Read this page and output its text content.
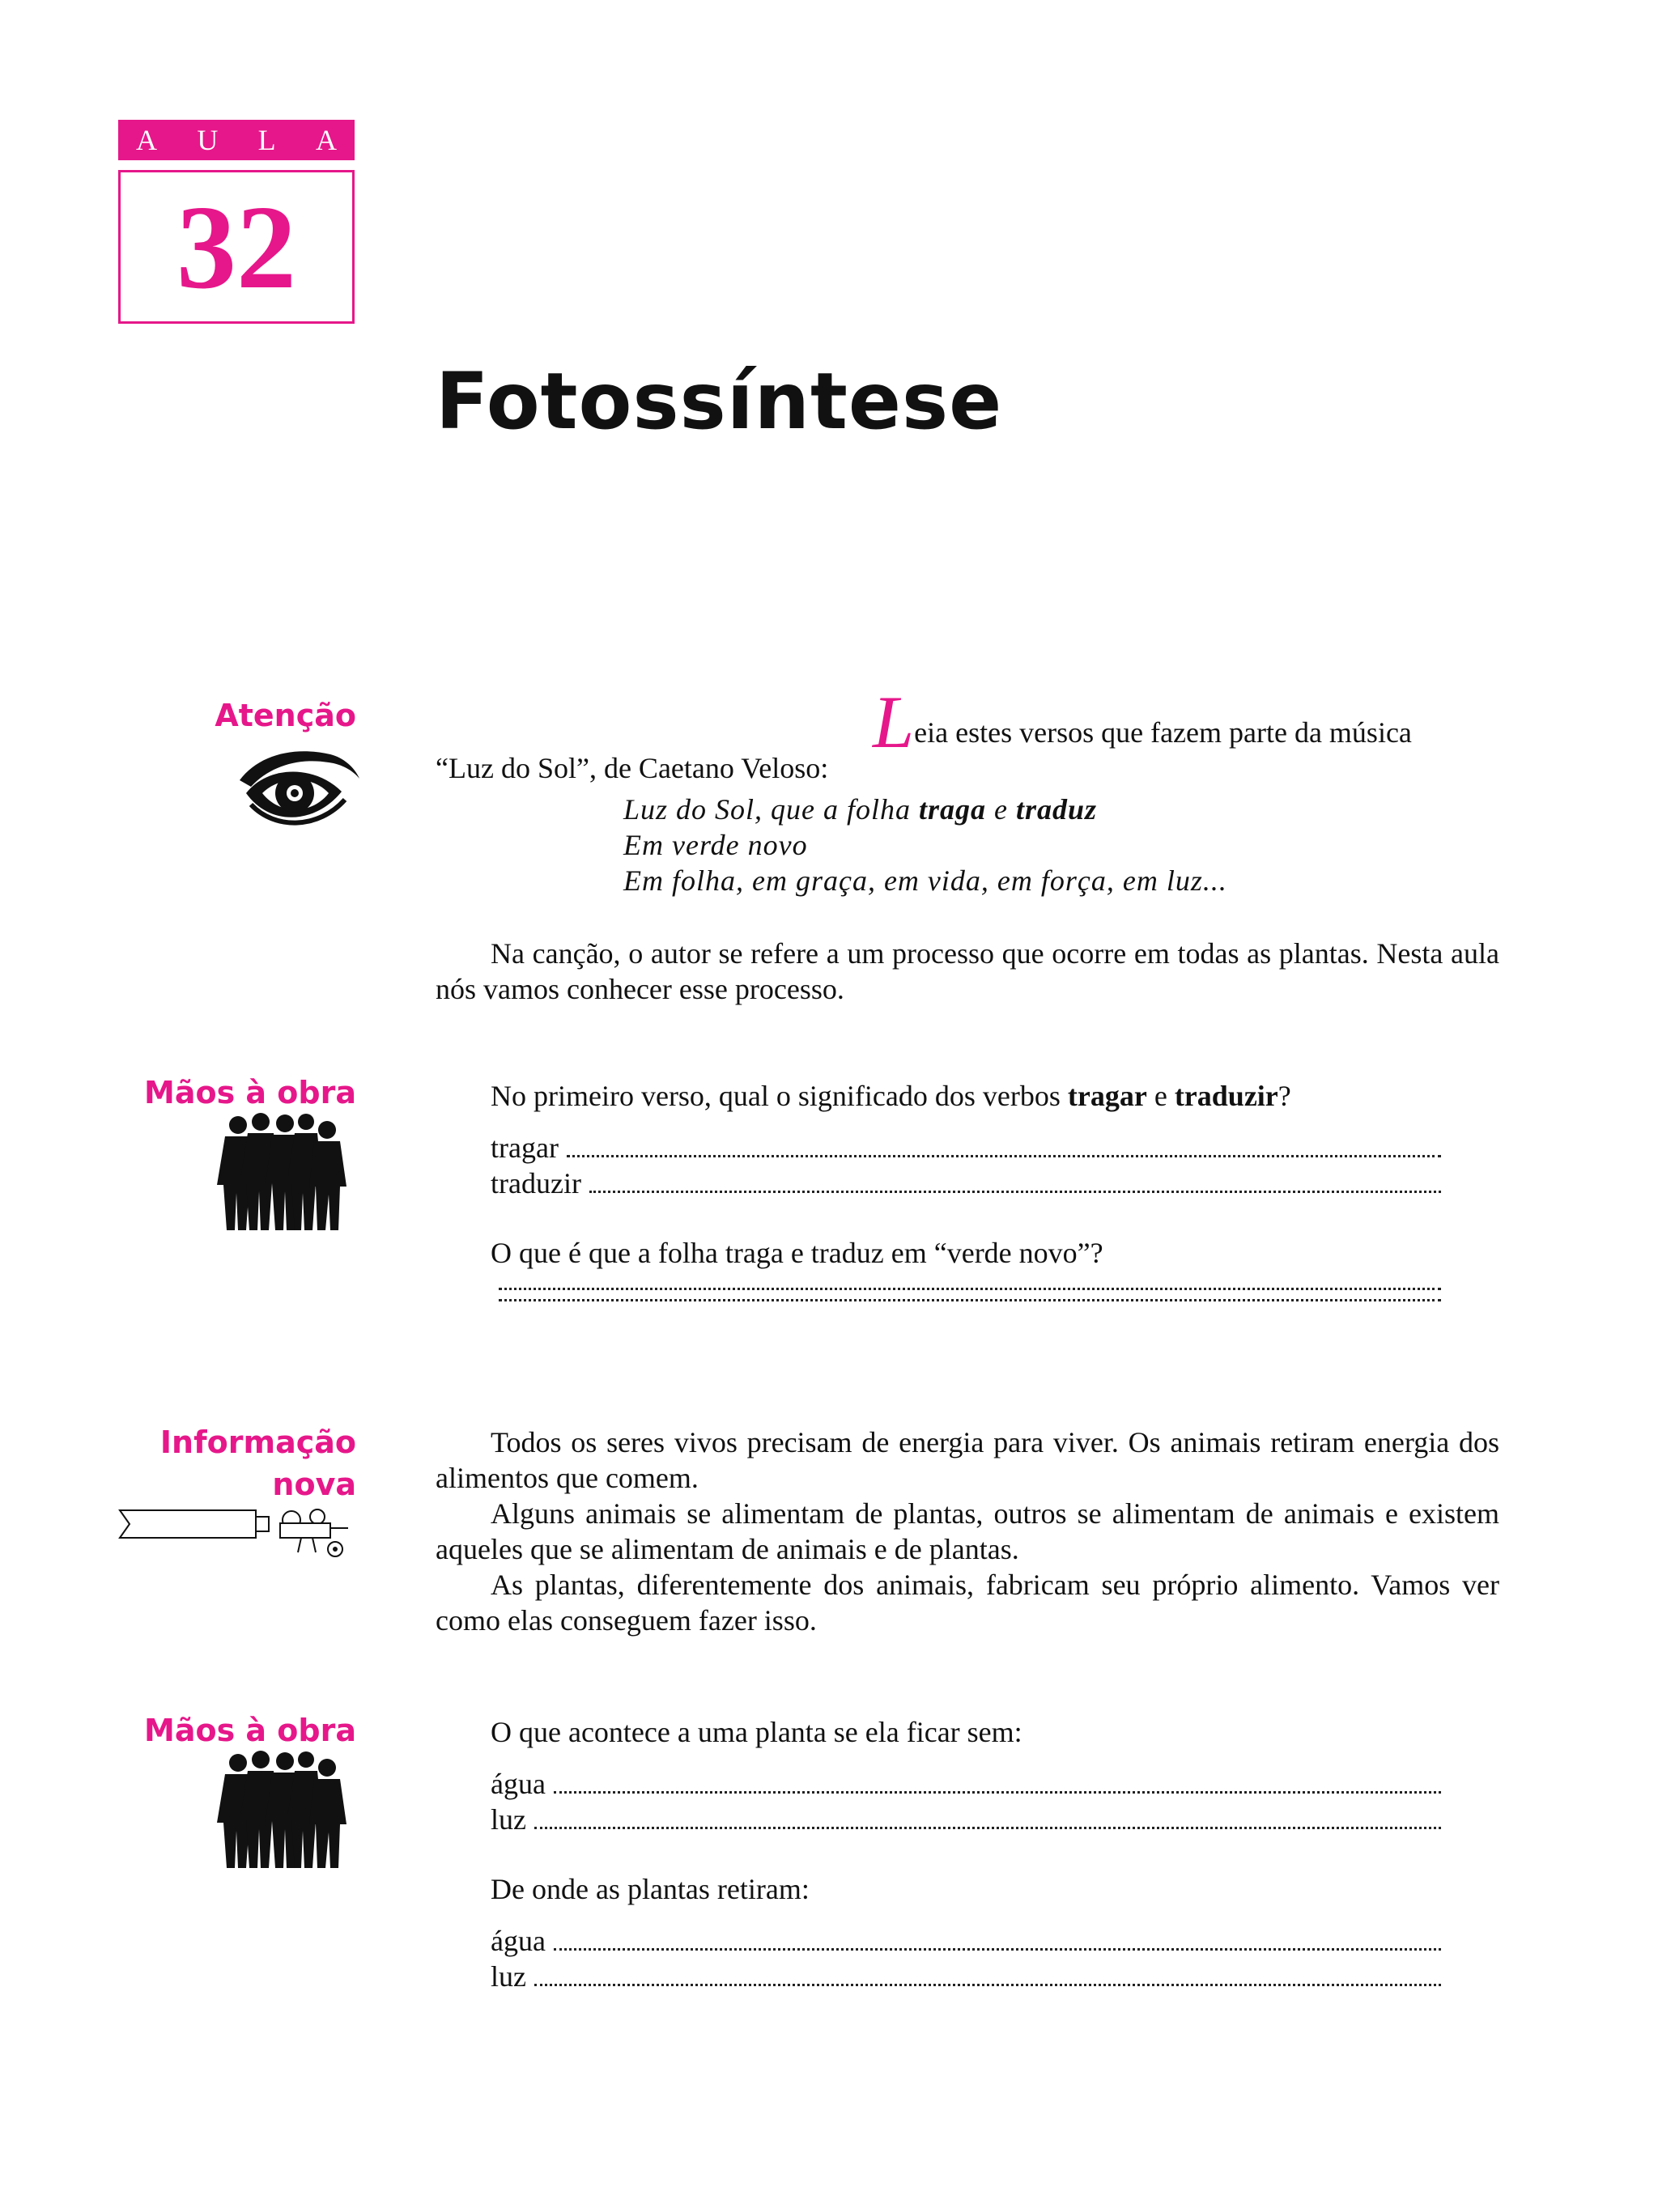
A U L A
32
Fotossíntese
Atenção	Leia estes versos que fazem parte da música

“Luz do Sol”, de Caetano Veloso:

Luz do Sol, que a folha traga e traduz
Em verde novo
Em folha, em graça, em vida, em força, em luz...

Na canção, o autor se refere a um processo que ocorre em todas as plantas. Nesta aula nós vamos conhecer esse processo.

Mãos à obra	No primeiro verso, qual o significado dos verbos tragar e traduzir?

tragar
traduzir

O que é que a folha traga e traduz em “verde novo”?

Informação
nova

Todos os seres vivos precisam de energia para viver. Os animais retiram energia dos alimentos que comem.

Alguns animais se alimentam de plantas, outros se alimentam de animais e existem aqueles que se alimentam de animais e de plantas.

As plantas, diferentemente dos animais, fabricam seu próprio alimento. Vamos ver como elas conseguem fazer isso.

Mãos à obra	O que acontece a uma planta se ela ficar sem:

água
luz

De onde as plantas retiram:

água
luz
